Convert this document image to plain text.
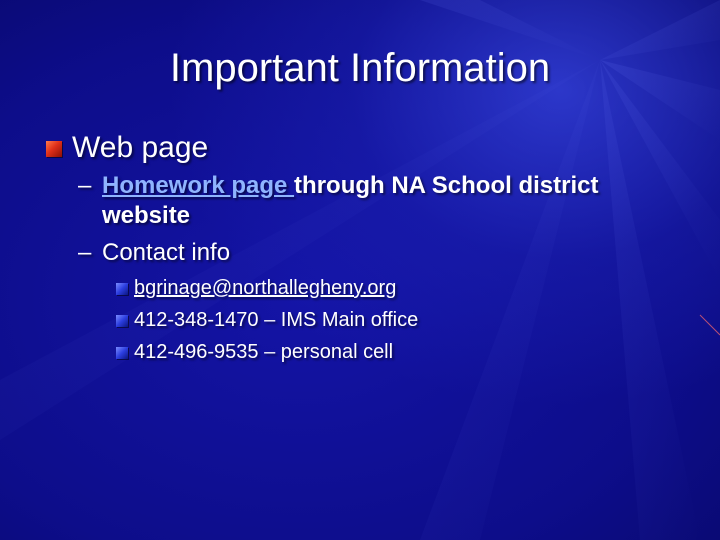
Important Information
Web page
– Homework page through NA School district website
– Contact info
bgrinage@northallegheny.org
412-348-1470 – IMS Main office
412-496-9535 – personal cell
